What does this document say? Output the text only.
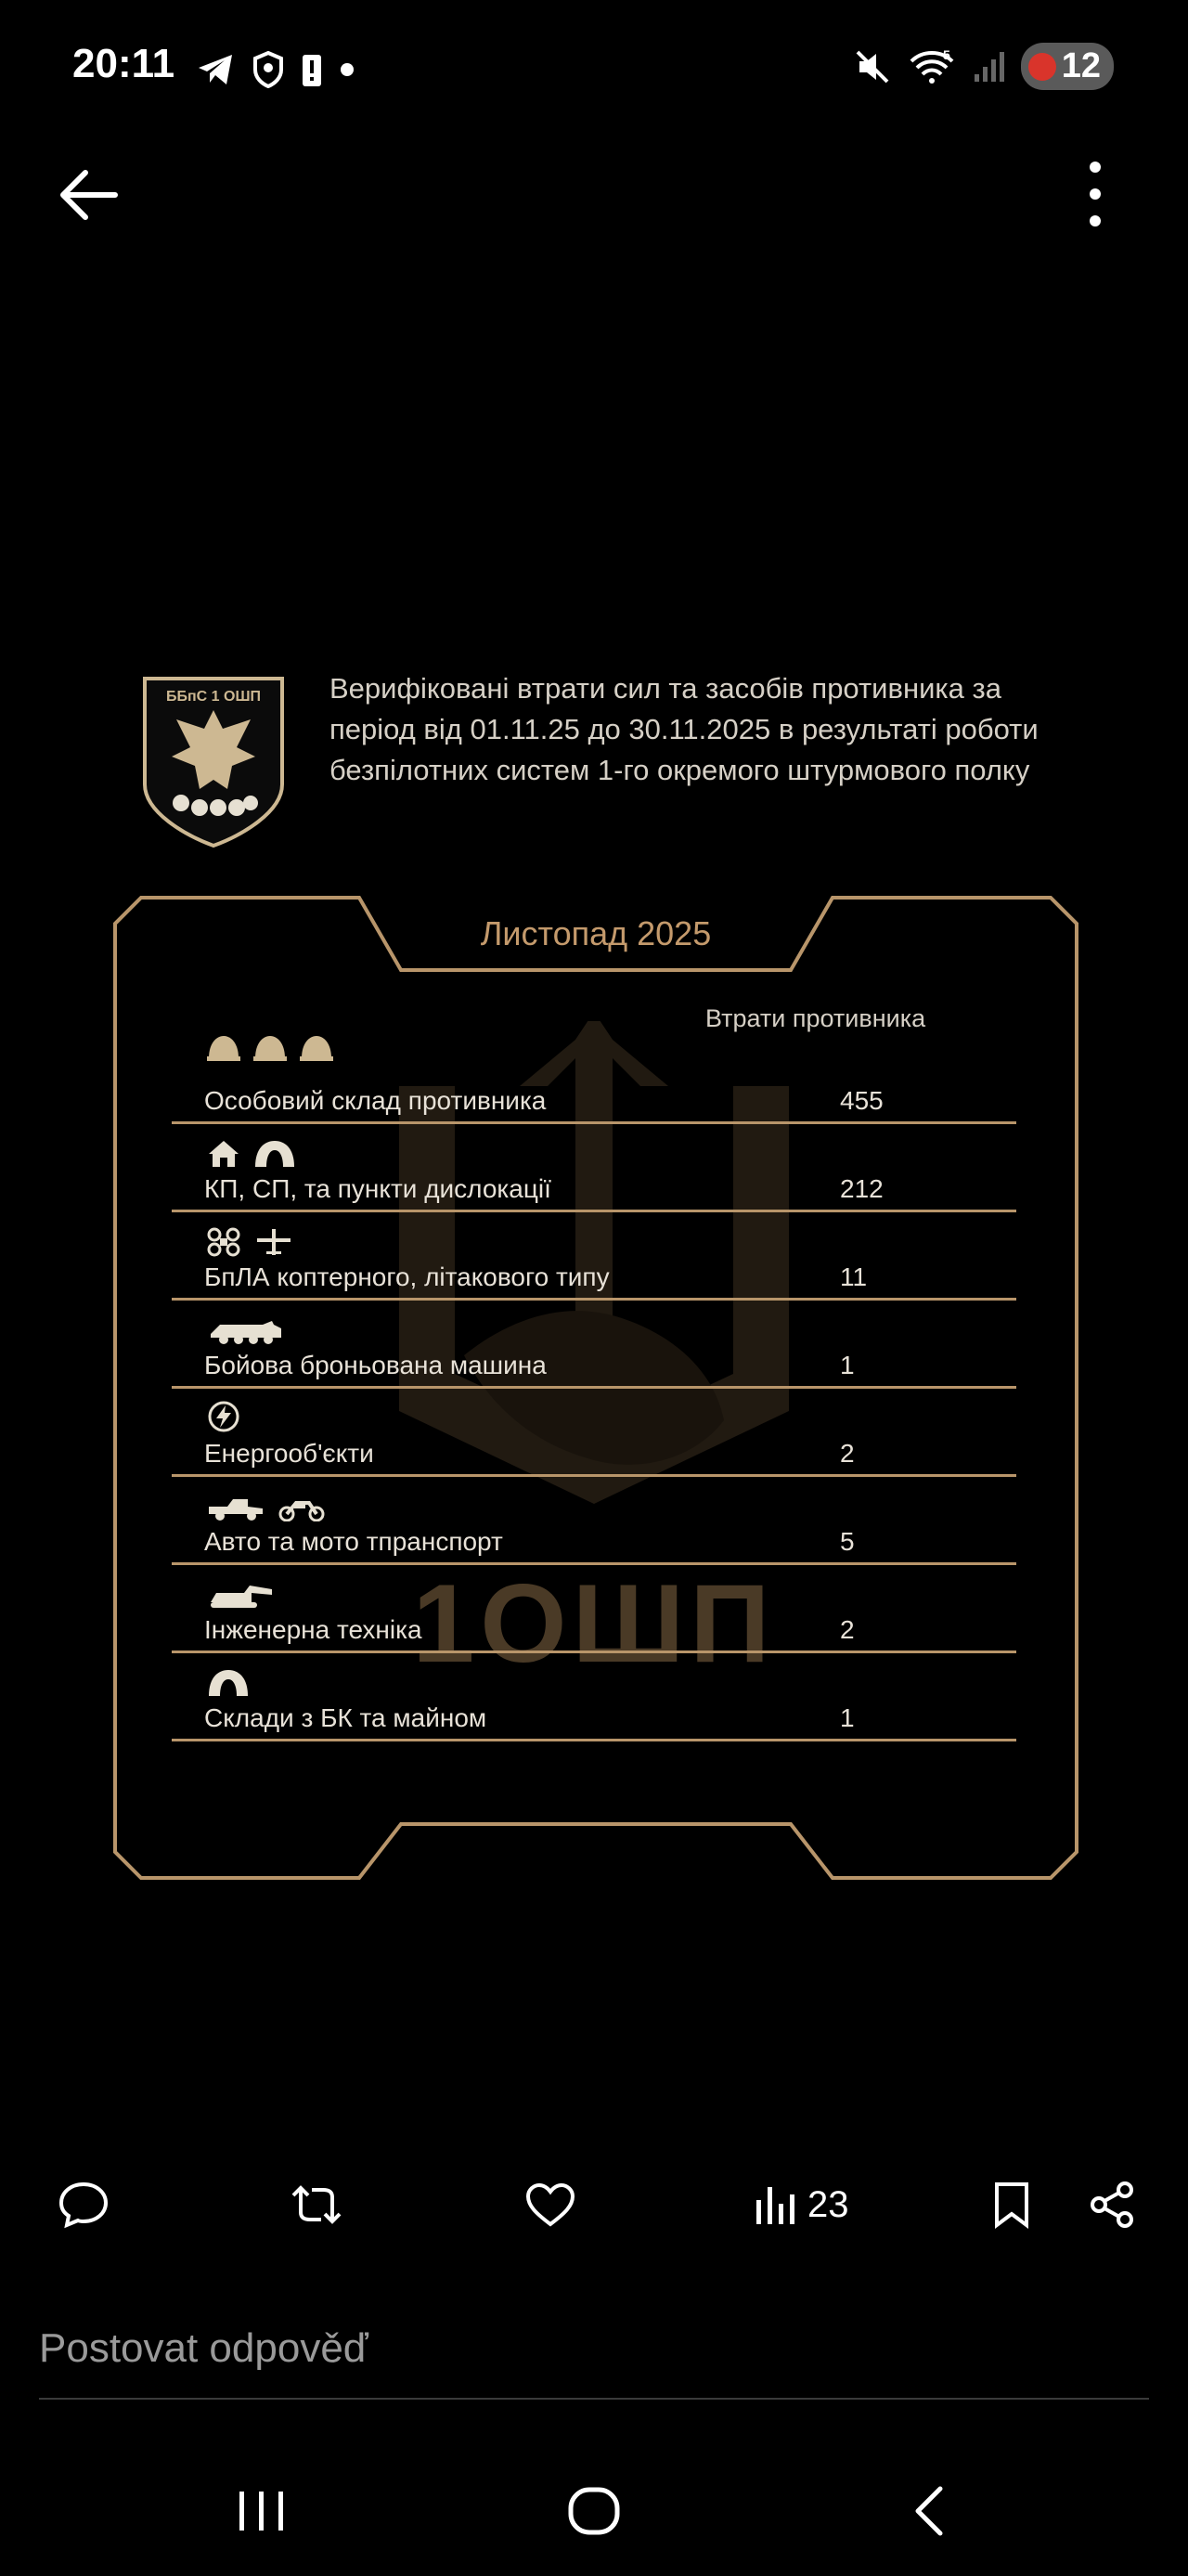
20:11	5	12
ББпС 1 ОШП Верифіковані втрати сил та засобів противника за період від 01.11.25 до 30.11.2025 в результаті роботи безпілотних систем 1-го окремого штурмового полку
Листопад 2025
1ОШП
Втрати противника
Особовий склад противника	455
КП, СП, та пункти дислокації	212
БпЛА коптерного, літакового типу	11
Бойова броньована машина	1
Енергооб'єкти	2
Авто та мото тпранспорт	5
Інженерна техніка	2
Склади з БК та майном	1
23
Postovat odpověď
